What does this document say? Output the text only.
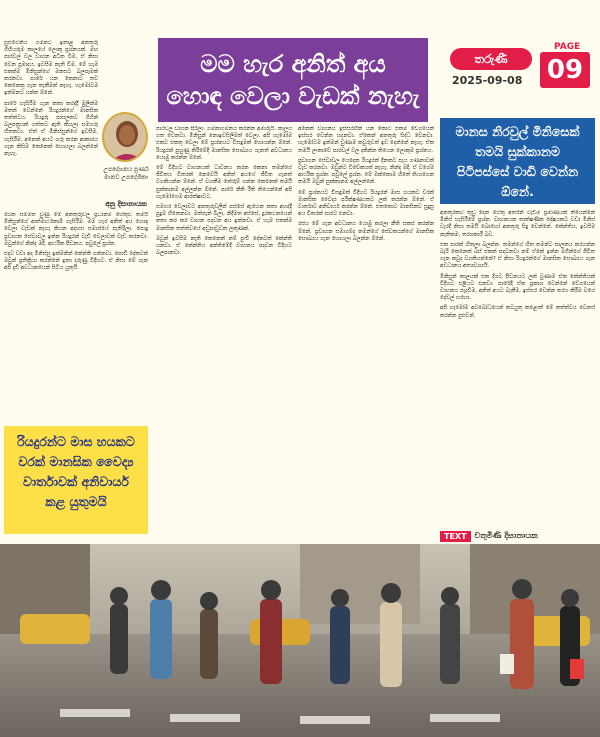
මම හැර අනිත් අය
හොඳ වෙලා වැඩක් නැහැ
තරුණී
2025-09-08
PAGE
09
මානස නිරවුල් මිනිසෙක් තමයි සුක්කානම පිටිපස්සේ වාඩි වෙන්න ඕනේ.
උපදේශනය පූර්ණ මානව උපදේශිකා
අනු දිසානායක

සුළුවෙනිය ගමනට ඉතාළ අනතුරු ගිහියරුම කාලයේ ලොකු ප්‍රශ්නයක්. මහ පාරවල් වල වාහන අධික වීම, ඒ නිසා වෙන ප්‍රමාදය, ඉවසීම නැති වීම. මේ හැම එකක්ම මිනිසුන්ගේ මනසට බලපෑමක් කරනවා. පාරේ යන කෙනාට තව කෙනෙකු ගැන තැකීමක් නැහැ. හැමෝටම ඉක්මනට යන්න ඕනේ.

පාරේ හැසිරීම ගැන කතා කරද්දී මුලින්ම මතක් වෙන්නේ රියදුරන්ගේ මානසික තත්ත්වය. රියදුරු පාසලකට ගිහින් බලපත්‍රයක් ගත්තට ඇති කියලා සමහරු හිතනවා. ඒත් ඒ මිනිස්සුන්ගේ ඉවසීම, හැසිරීම, අනෙක් අයට ගරු කරන ආකාරය ගැන කිසිම කෙනෙක් හොයලා බලන්නේ නැහැ.

රටක සම්මත වුණු මේ අනතුරුවල ප්‍රධානම හේතුව තමයි මිනිසුන්ගේ ආත්මාර්ථකාමී හැසිරීම. මම හැර අනිත් අය හොඳ වෙලා වැඩක් නැහැ කියන අදහස සමාජයේ පැතිරිලා. පොදු ප්‍රවාහන සේවාවල ඉන්න රියදුරන් වැඩි වෙලාවක් වැඩ කරනවා. ඔවුන්ගේ නින්ද මදි. ආර්ථික පීඩනය. පවුලේ ප්‍රශ්න.

එදාට වඩා අද මිනිස්සු ඉක්මනින් කේන්ති ගන්නවා. පොඩි දේකටත් ඔවුන් ප්‍රතික්‍රියා කරන්නේ ඉතා දරුණු විදිහට. ඒ නිසා මේ ගැන අපි දැඩි අවධානයෙන් සිටිය යුතුයි.

රියදුරන්ට මාස හයකට වරක් මානසික වෛද්‍ය වාර්තාවක් අනිවාර්ය කළ යුතුමයි

පාරවල වාහන පිරිලා. ගමනාගමනය කරන්න අමාරුයි. කාලය ගත වෙනවා. මිනිසුන් නොඉවසිලිමත් වෙලා. අපි හැමෝම එකට එකතු වෙලා මේ ප්‍රශ්නයට විසඳුමක් හොයන්න ඕනේ. රියදුරන් පුහුණු කිරීමේදී මානසික සෞඛ්‍යය ගැනත් අවධානය යොමු කරන්න ඕනේ.

මේ විදිහට වාහනයක් ධාවනය කරන කෙනා තමන්ගේ ජීවිතය විතරක් නෙවෙයි අනිත් අයගේ ජීවිත ගැනත් වගකියන්න ඕනේ. ඒ වගකීම තේරුම් ගන්න කෙනෙක් තමයි සුක්කානම අල්ලන්න ඕනේ. පාරේ නීති රීති තියෙන්නේ අපි හැමෝගෙම ආරක්ෂාවට.

සමහර වෙලාවට අනතුරුවලින් පස්සේ ඇහෙන කතා අහද්දී පුදුම හිතෙනවා. මත්පැන් බීලා, නිදිමත අස්සේ, දුරකථනයෙන් කතා කර කර වාහන පදවන අය ඉන්නවා. ඒ හැම එකක්ම මානසික තත්ත්වයේ අඩුපාඩුවක ලකුණක්.

ඔවුන් ඉවසීම නැති කෙනෙක් නම් පුංචි දේකටත් කේන්ති යනවා. ඒ කේන්තිය අන්තිමේදී වාහනය පදවන විදිහට බලපානවා.

අනෙක් වාහනය ඉස්සරහින් යන කොට එකම වේගයෙන් ඉස්සර වෙන්න හදනවා. ඒකෙන් අනතුරු සිද්ධ වෙනවා. හැමෝටම ඉක්මන් වුණාම කවුරුවත් ඉඩ දෙන්නේ නැහැ. ඒක තමයි ලංකාවේ පාරවල් වල දකින්න තියෙන ලොකුම ප්‍රශ්නය.

ප්‍රවාහන සේවාවල යෙදෙන රියදුරන් දිනකට පැය ගණනාවක් වැඩ කරනවා. ඔවුන්ට විවේකයක් නැහැ. නින්ද මදි. ඒ වගේම ආර්ථික ප්‍රශ්න. පවුලේ ප්‍රශ්න. මේ ඔක්කොම හිතේ තියාගෙන තමයි ඔවුන් සුක්කානම අල්ලන්නේ.

මේ ප්‍රශ්නයට විසඳුමක් විදිහට රියදුරන් මාස හයකට වරක් මානසික වෛද්‍ය පරීක්ෂණයකට ලක් කරන්න ඕනේ. ඒ වාර්තාව අනිවාර්ය කරන්න ඕනේ. එතකොට මානසිකව සුදුසු අය විතරක් පාරට එනවා.

රජය මේ ගැන අවධානය යොමු කරලා නීති සකස් කරන්න ඕනේ. ප්‍රවාහන සමාගම්ද තමන්ගේ සේවකයන්ගේ මානසික සෞඛ්‍යය ගැන හොයලා බලන්න ඕනේ.

අනතුරකට තුඩු දෙන හේතු අතරින් වැඩිම ප්‍රමාණයක් තියෙන්නේ මිනිස් හැසිරීමේ ප්‍රශ්න. වාහනයක තාක්ෂණික දෝෂයකට වඩා මිනිස් වැරදි නිසා තමයි බොහෝ අනතුරු සිදු වෙන්නේ. කේන්තිය, ඉවසීම නැතිකම, තරගකාරී බව.

එක පාරක් හිතලා බලන්න. තමන්ගේ හිත තමන්ට පාලනය කරගන්න බැරි කෙනෙක් බස් එකක් පදවනවා නම් ඒකේ ඉන්න මගීන්ගේ ජීවිත ගැන කවුද වගකියන්නේ? ඒ නිසා රියදුරන්ගේ මානසික සෞඛ්‍යය ගැන අවධානය අත්‍යවශ්‍යයි.

මිනිසුන් කාලයක් එක දිගට පීඩනයට ලක් වුණාම ඒක කේන්තියක් විදිහට එළියට එනවා. පාරේදී ඒක ප්‍රකාශ වෙන්නේ වේගයෙන් වාහනය පැදවීම, අනිත් අයට බැනීම, ඉස්සර වෙන්න තරග කිරීම වගේ දේවල් හරහා.

අපි හැමෝම අවබෝධයෙන් කටයුතු කළොත් මේ තත්ත්වය වෙනස් කරන්න පුළුවන්.

TEXT	චතුමිණි දිසානායක
